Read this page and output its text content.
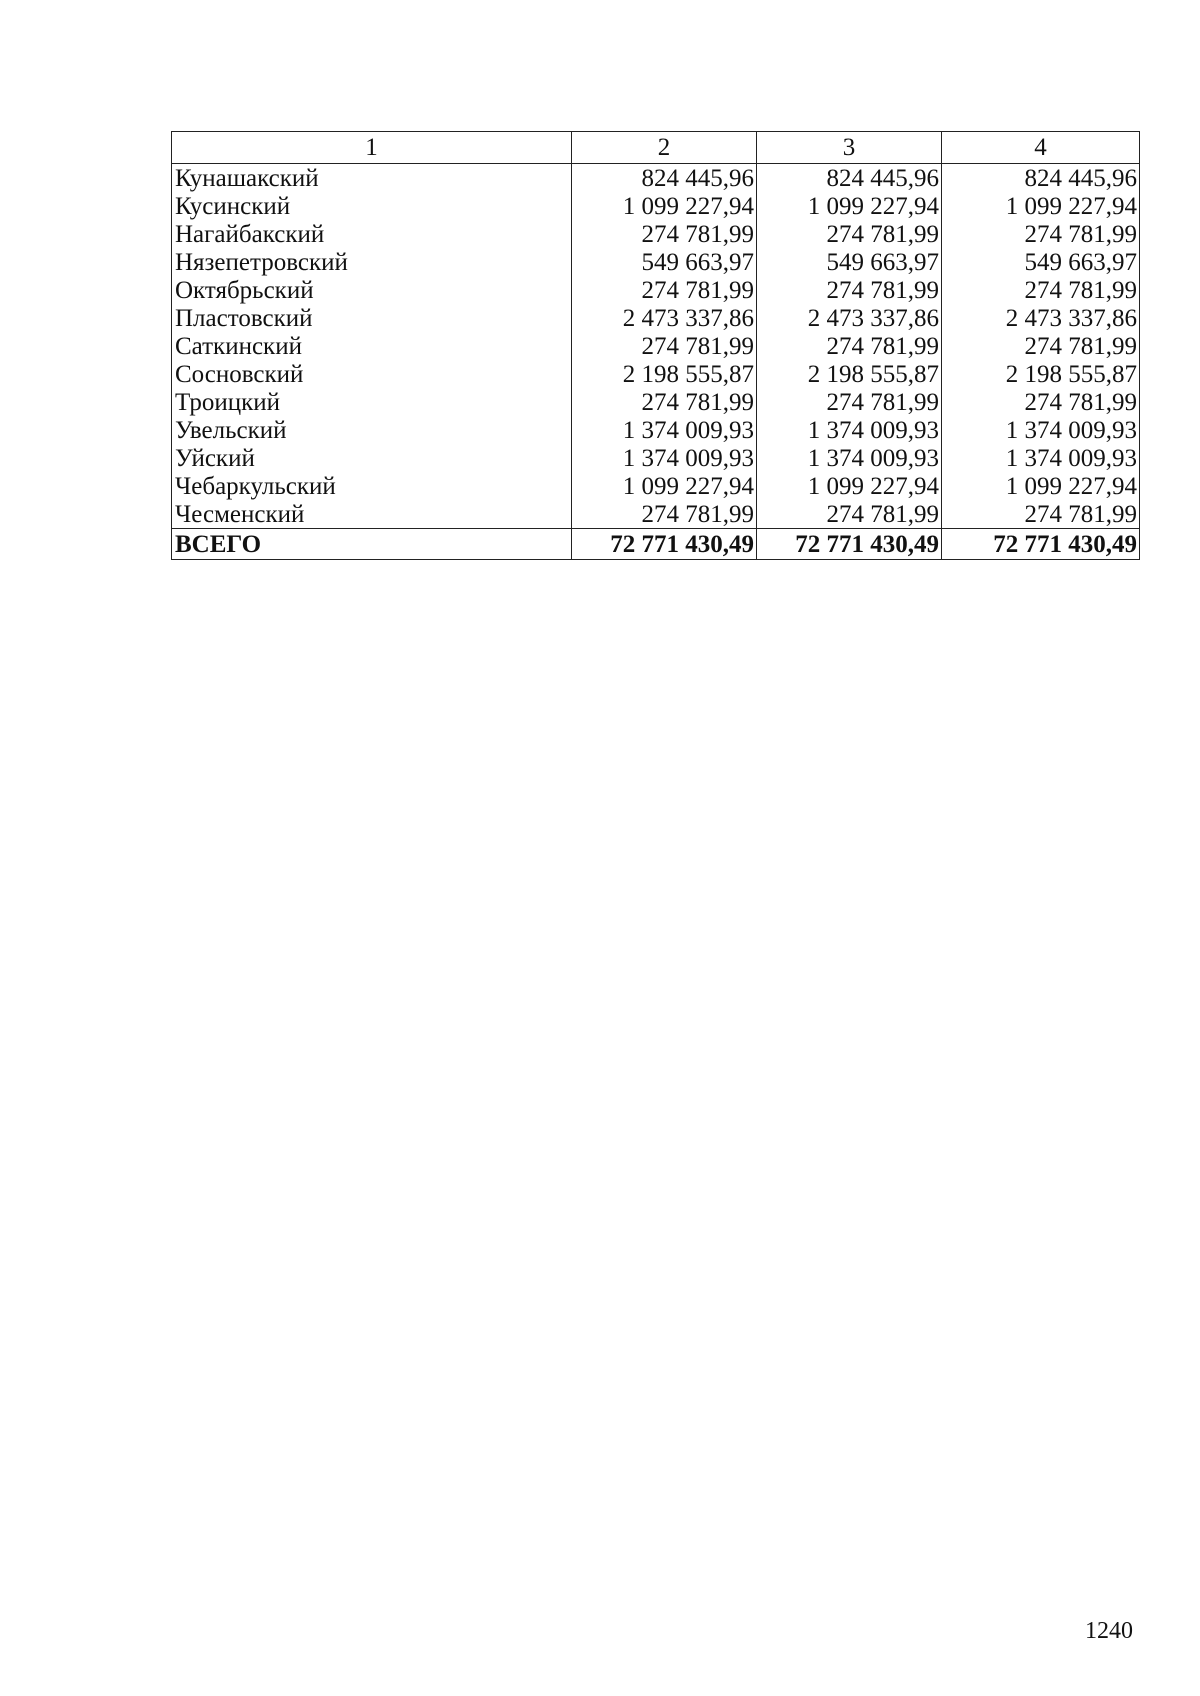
1	2	3	4
Кунашакский	824 445,96	824 445,96	824 445,96
Кусинский	1 099 227,94	1 099 227,94	1 099 227,94
Нагайбакский	274 781,99	274 781,99	274 781,99
Нязепетровский	549 663,97	549 663,97	549 663,97
Октябрьский	274 781,99	274 781,99	274 781,99
Пластовский	2 473 337,86	2 473 337,86	2 473 337,86
Саткинский	274 781,99	274 781,99	274 781,99
Сосновский	2 198 555,87	2 198 555,87	2 198 555,87
Троицкий	274 781,99	274 781,99	274 781,99
Увельский	1 374 009,93	1 374 009,93	1 374 009,93
Уйский	1 374 009,93	1 374 009,93	1 374 009,93
Чебаркульский	1 099 227,94	1 099 227,94	1 099 227,94
Чесменский	274 781,99	274 781,99	274 781,99
ВСЕГО	72 771 430,49	72 771 430,49	72 771 430,49
1240
